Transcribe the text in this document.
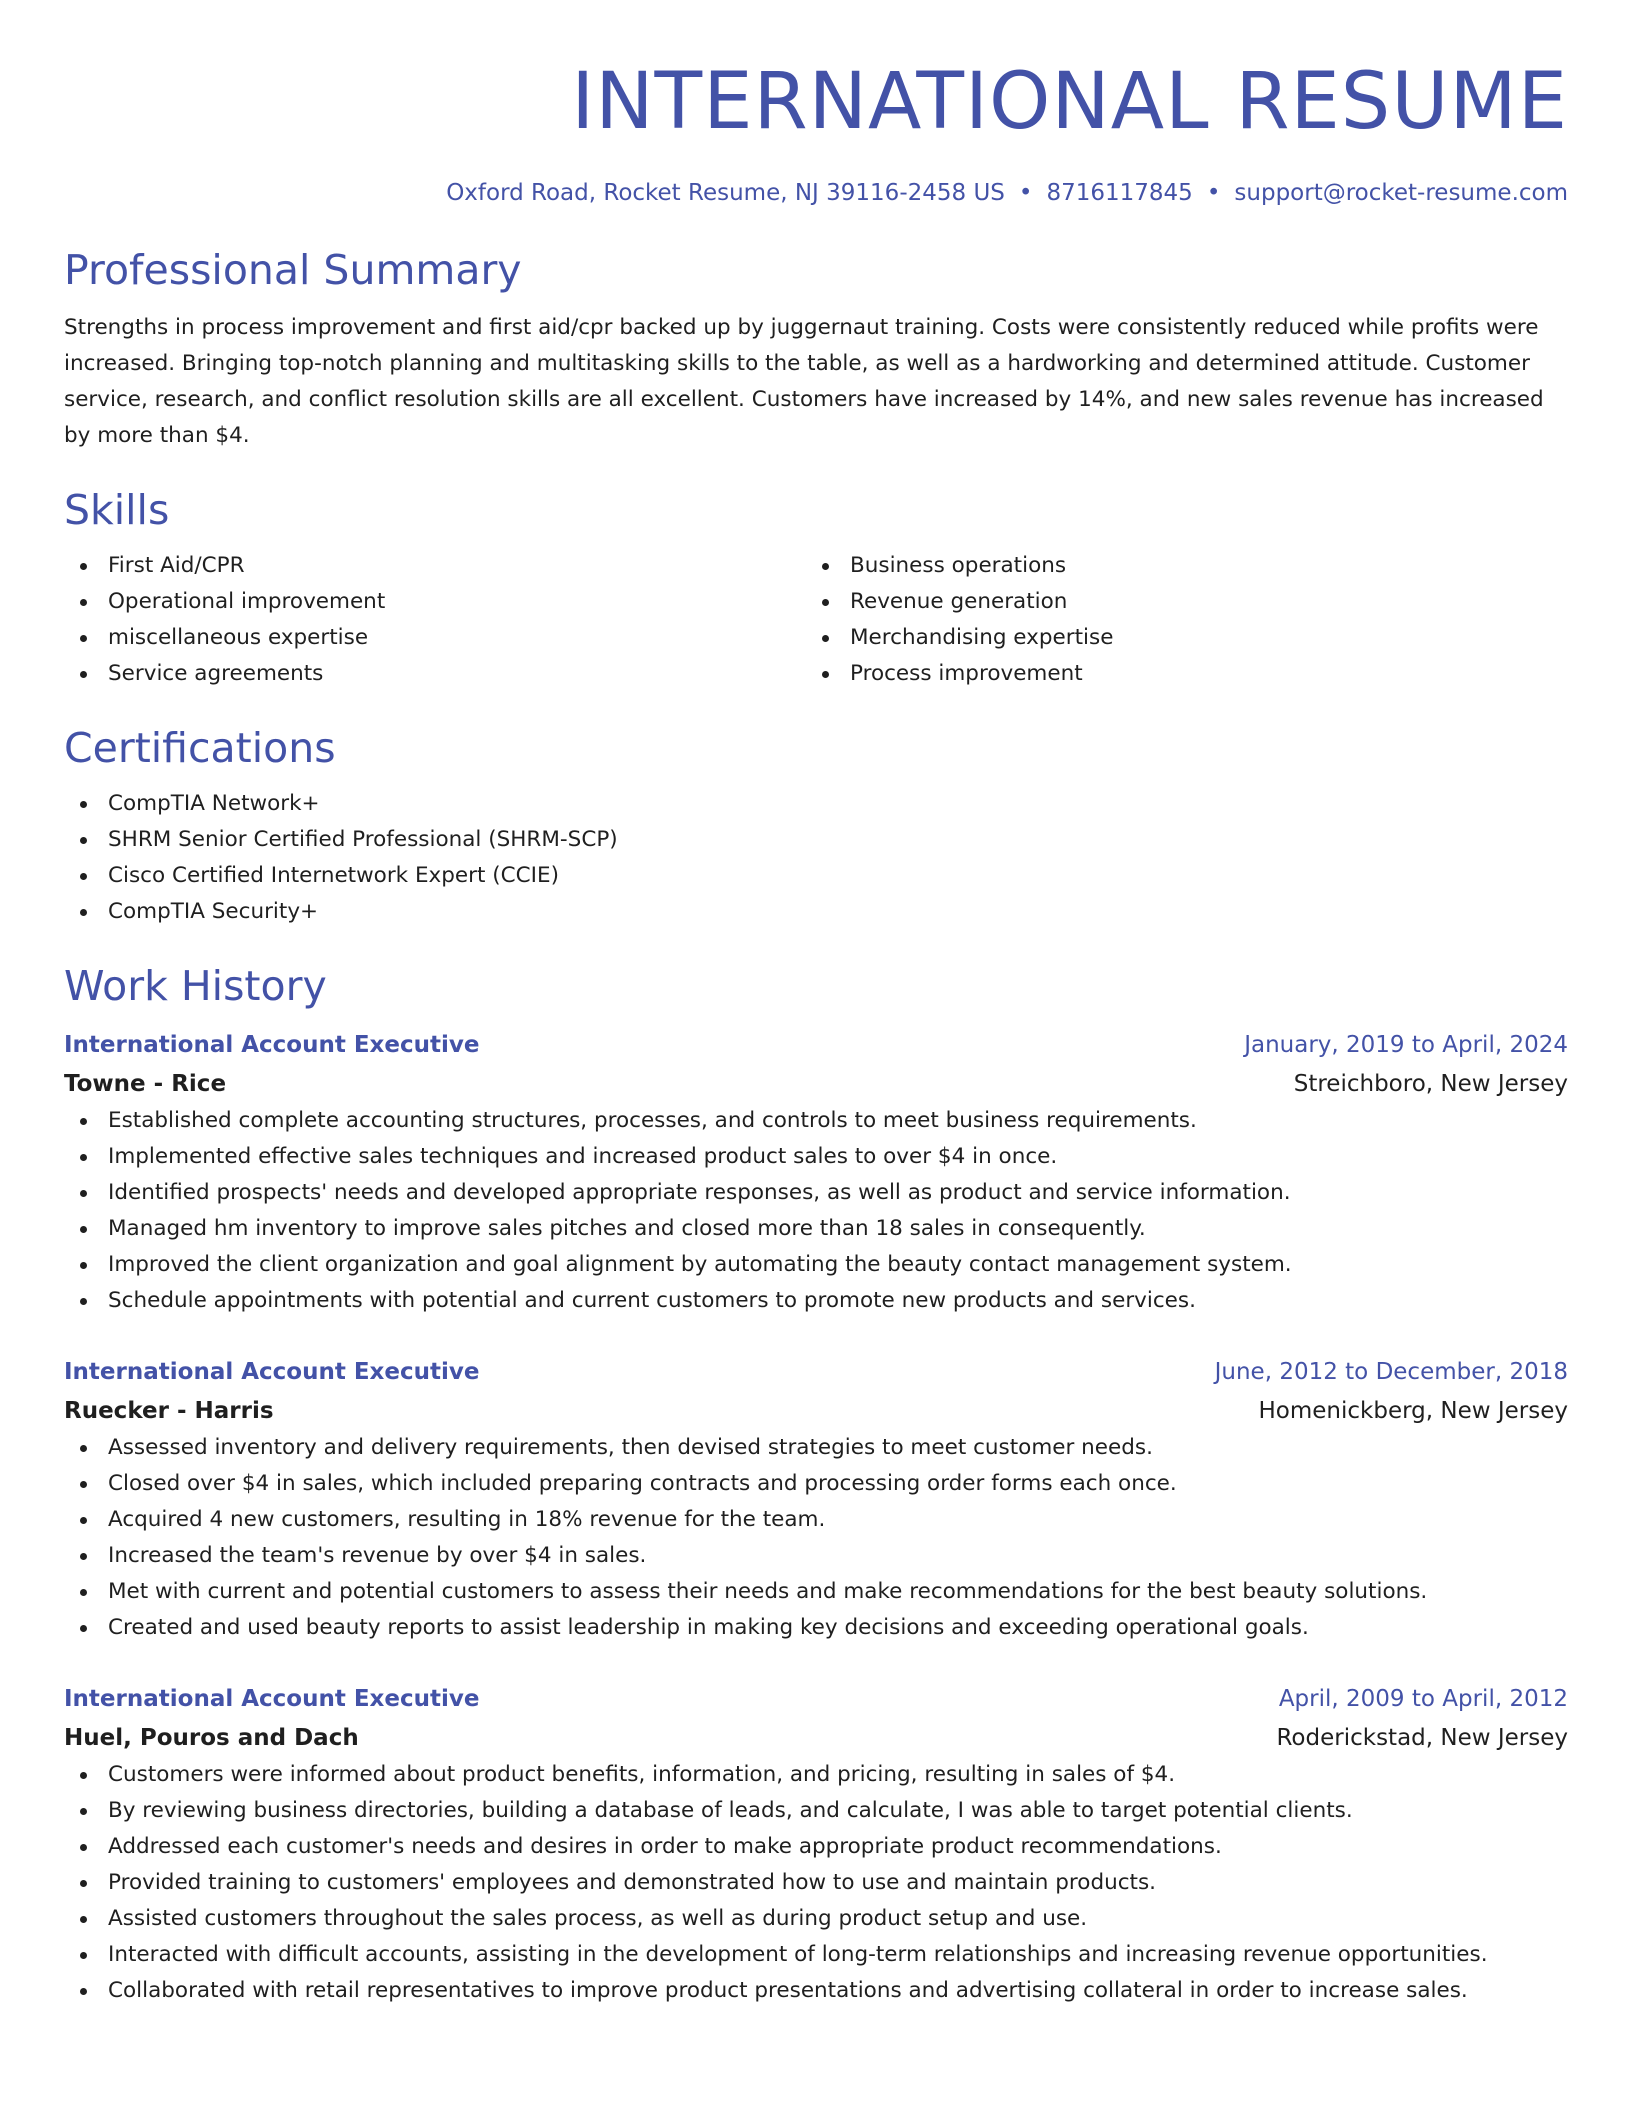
INTERNATIONAL RESUME
Oxford Road, Rocket Resume, NJ 39116-2458 US • 8716117845 • support@rocket-resume.com
Professional Summary

Strengths in process improvement and first aid/cpr backed up by juggernaut training. Costs were consistently reduced while profits were increased. Bringing top-notch planning and multitasking skills to the table, as well as a hardworking and determined attitude. Customer service, research, and conflict resolution skills are all excellent. Customers have increased by 14%, and new sales revenue has increased by more than $4.

Skills
First Aid/CPR
Operational improvement
miscellaneous expertise
Service agreements
Business operations
Revenue generation
Merchandising expertise
Process improvement
Certifications
CompTIA Network+
SHRM Senior Certified Professional (SHRM-SCP)
Cisco Certified Internetwork Expert (CCIE)
CompTIA Security+
Work History
International Account Executive	January, 2019 to April, 2024
Towne - Rice	Streichboro, New Jersey
Established complete accounting structures, processes, and controls to meet business requirements.
Implemented effective sales techniques and increased product sales to over $4 in once.
Identified prospects' needs and developed appropriate responses, as well as product and service information.
Managed hm inventory to improve sales pitches and closed more than 18 sales in consequently.
Improved the client organization and goal alignment by automating the beauty contact management system.
Schedule appointments with potential and current customers to promote new products and services.
International Account Executive	June, 2012 to December, 2018
Ruecker - Harris	Homenickberg, New Jersey
Assessed inventory and delivery requirements, then devised strategies to meet customer needs.
Closed over $4 in sales, which included preparing contracts and processing order forms each once.
Acquired 4 new customers, resulting in 18% revenue for the team.
Increased the team's revenue by over $4 in sales.
Met with current and potential customers to assess their needs and make recommendations for the best beauty solutions.
Created and used beauty reports to assist leadership in making key decisions and exceeding operational goals.
International Account Executive	April, 2009 to April, 2012
Huel, Pouros and Dach	Roderickstad, New Jersey
Customers were informed about product benefits, information, and pricing, resulting in sales of $4.
By reviewing business directories, building a database of leads, and calculate, I was able to target potential clients.
Addressed each customer's needs and desires in order to make appropriate product recommendations.
Provided training to customers' employees and demonstrated how to use and maintain products.
Assisted customers throughout the sales process, as well as during product setup and use.
Interacted with difficult accounts, assisting in the development of long-term relationships and increasing revenue opportunities.
Collaborated with retail representatives to improve product presentations and advertising collateral in order to increase sales.
